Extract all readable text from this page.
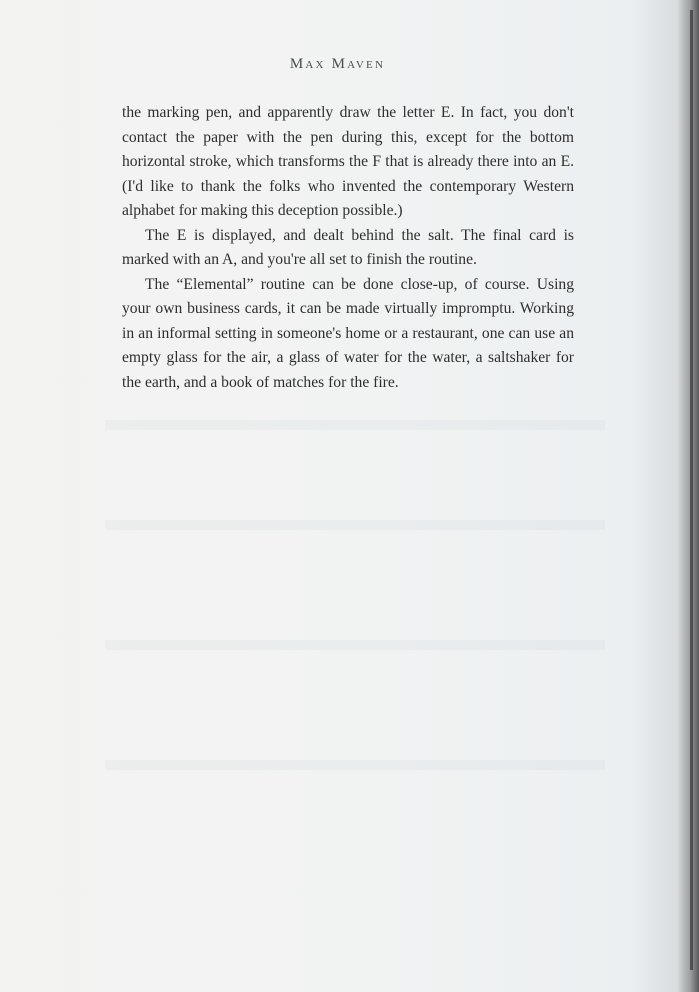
Max Maven

the marking pen, and apparently draw the letter E. In fact, you don't contact the paper with the pen during this, except for the bottom horizontal stroke, which transforms the F that is already there into an E. (I'd like to thank the folks who invented the contemporary Western alphabet for making this deception possible.)

The E is displayed, and dealt behind the salt. The final card is marked with an A, and you're all set to finish the routine.

The “Elemental” routine can be done close-up, of course. Using your own business cards, it can be made virtually impromptu. Working in an informal setting in someone's home or a restaurant, one can use an empty glass for the air, a glass of water for the water, a saltshaker for the earth, and a book of matches for the fire.
